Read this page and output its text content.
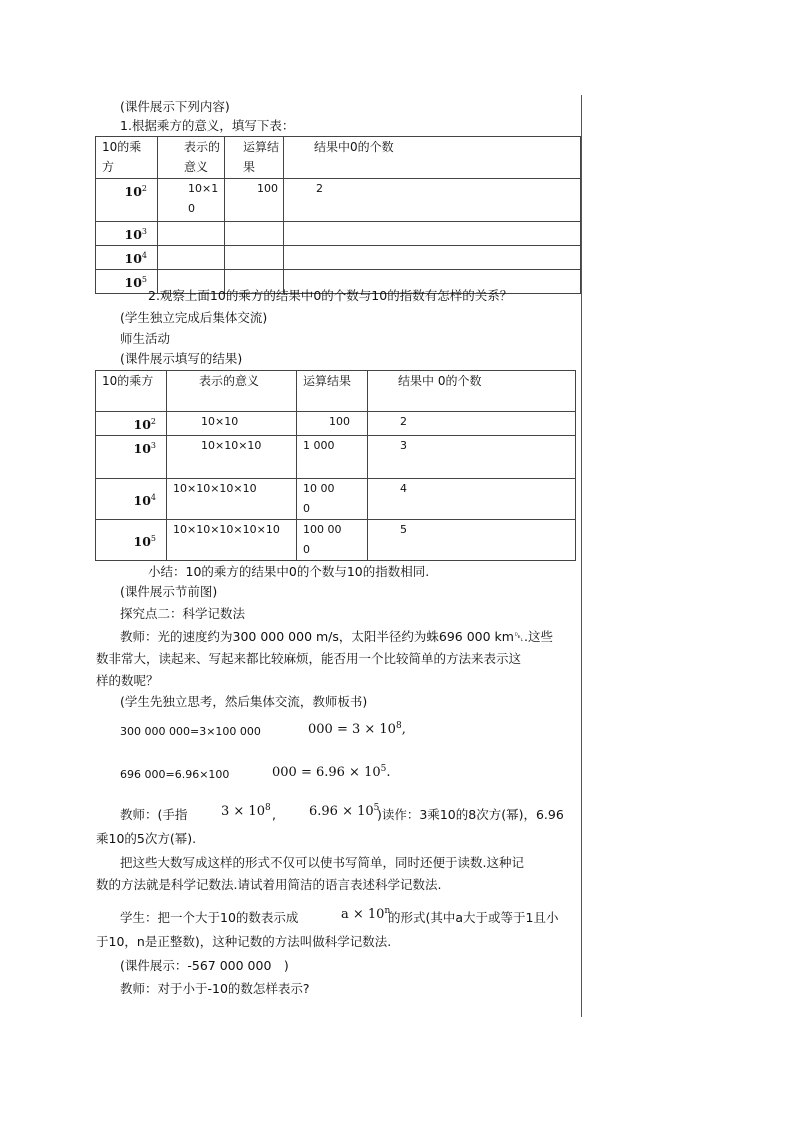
(课件展示下列内容)
1.根据乘方的意义，填写下表：
10的乘方	表示的意义	运算结果	结果中0的个数
$10^2$	10×10	100	2
$10^3$			
$10^4$			
$10^5$			
2.观察上面10的乘方的结果中0的个数与10的指数有怎样的关系？
(学生独立完成后集体交流)
师生活动
(课件展示填写的结果)
10的乘方	表示的意义	运算结果	结果中 0的个数
$10^2$	10×10	100	2
$10^3$	10×10×10	1 000	3
$10^4$	10×10×10×10	10 000	4
$10^5$	10×10×10×10×10	100 000	5
小结：10的乘方的结果中0的个数与10的指数相同.
(课件展示节前图)
探究点二：科学记数法
教师：光的速度约为300 000 000 m/s，太阳半径约为蛛696 000 km␡.这些
数非常大，读起来、写起来都比较麻烦，能否用一个比较简单的方法来表示这
样的数呢？
(学生先独立思考，然后集体交流，教师板书)
300 000 000=3×100 000	$000 = 3 \times 10^8$,
696 000=6.96×100	$000 = 6.96 \times 10^5$.
教师：(手指	$3 \times 10^8$ ,	$6.96 \times 10^5$
)读作：3乘10的8次方(幂)，6.96
乘10的5次方(幂).
把这些大数写成这样的形式不仅可以使书写简单，同时还便于读数.这种记
数的方法就是科学记数法.请试着用简洁的语言表述科学记数法.
学生：把一个大于10的数表示成	$a \times 10^n$
的形式(其中a大于或等于1且小
于10，n是正整数)，这种记数的方法叫做科学记数法.
(课件展示：-567 000 000　)
教师：对于小于-10的数怎样表示?
